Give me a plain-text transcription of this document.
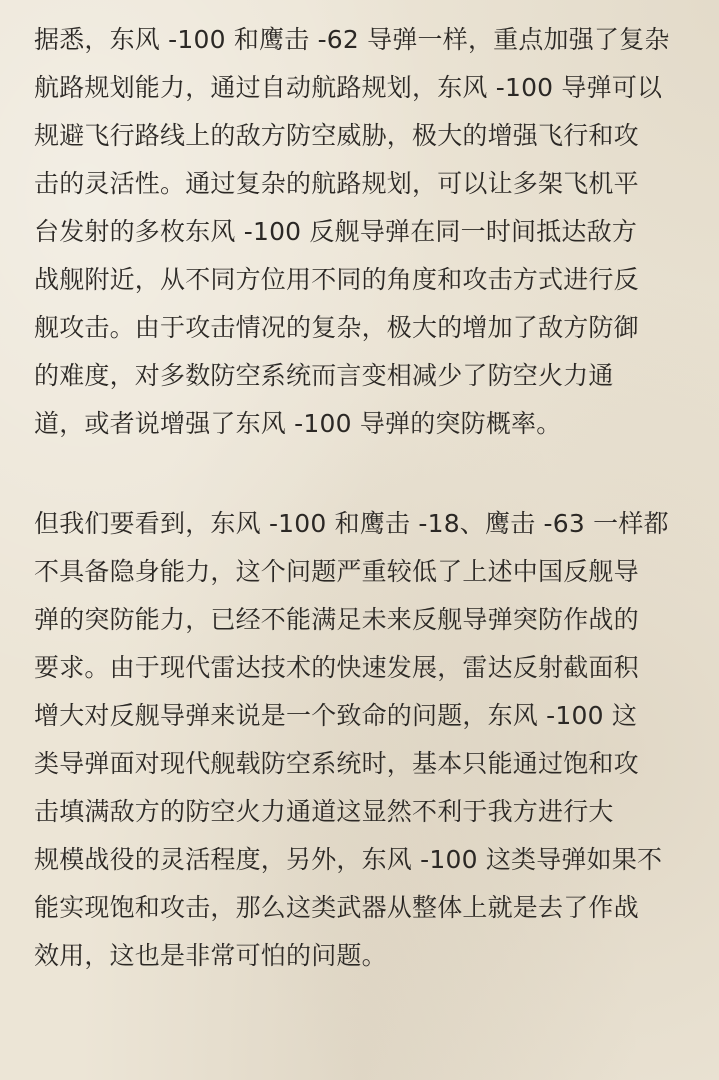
据悉，东风 -100 和鹰击 -62 导弹一样，重点加强了复杂
航路规划能力，通过自动航路规划，东风 -100 导弹可以
规避飞行路线上的敌方防空威胁，极大的增强飞行和攻
击的灵活性。通过复杂的航路规划，可以让多架飞机平
台发射的多枚东风 -100 反舰导弹在同一时间抵达敌方
战舰附近，从不同方位用不同的角度和攻击方式进行反
舰攻击。由于攻击情况的复杂，极大的增加了敌方防御
的难度，对多数防空系统而言变相减少了防空火力通
道，或者说增强了东风 -100 导弹的突防概率。

但我们要看到，东风 -100 和鹰击 -18、鹰击 -63 一样都
不具备隐身能力，这个问题严重较低了上述中国反舰导
弹的突防能力，已经不能满足未来反舰导弹突防作战的
要求。由于现代雷达技术的快速发展，雷达反射截面积
增大对反舰导弹来说是一个致命的问题，东风 -100 这
类导弹面对现代舰载防空系统时，基本只能通过饱和攻
击填满敌方的防空火力通道这显然不利于我方进行大
规模战役的灵活程度，另外，东风 -100 这类导弹如果不
能实现饱和攻击，那么这类武器从整体上就是去了作战
效用，这也是非常可怕的问题。
